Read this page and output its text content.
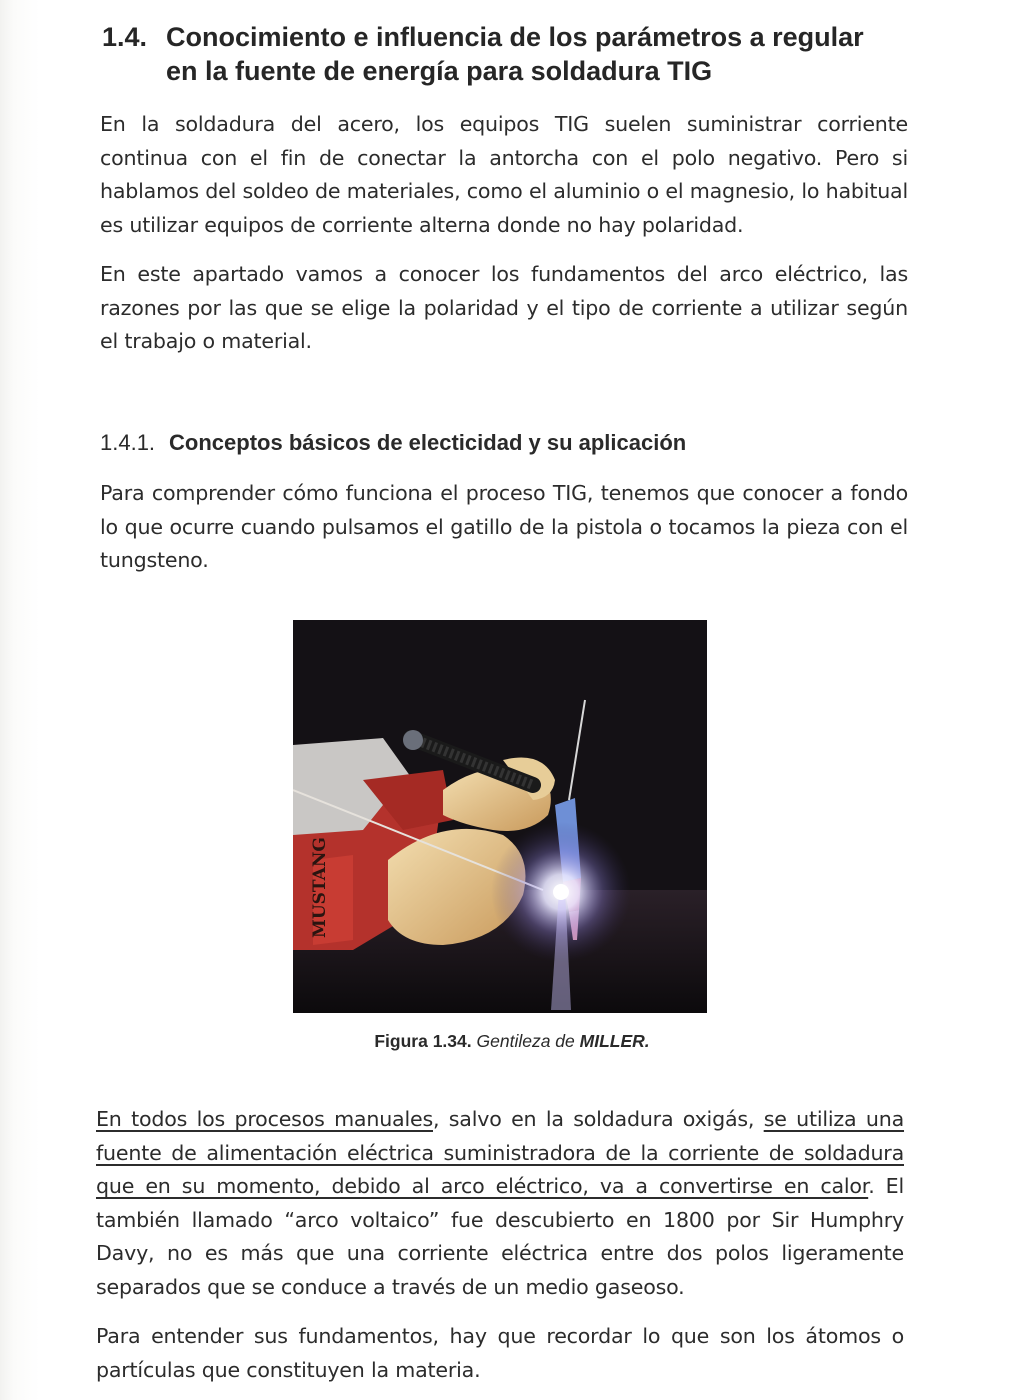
1.4. Conocimiento e influencia de los parámetros a regular en la fuente de energía para soldadura TIG

En la soldadura del acero, los equipos TIG suelen suministrar corriente continua con el fin de conectar la antorcha con el polo negativo. Pero si hablamos del soldeo de materiales, como el aluminio o el magnesio, lo habitual es utilizar equipos de corriente alterna donde no hay polaridad.

En este apartado vamos a conocer los fundamentos del arco eléctrico, las razones por las que se elige la polaridad y el tipo de corriente a utilizar según el trabajo o material.

1.4.1. Conceptos básicos de electicidad y su aplicación

Para comprender cómo funciona el proceso TIG, tenemos que conocer a fondo lo que ocurre cuando pulsamos el gatillo de la pistola o tocamos la pieza con el tungsteno.

MUSTANG
Figura 1.34. Gentileza de MILLER.

En todos los procesos manuales, salvo en la soldadura oxigás, se utiliza una fuente de alimentación eléctrica suministradora de la corriente de soldadura que en su momento, debido al arco eléctrico, va a convertirse en calor. El también llamado “arco voltaico” fue descubierto en 1800 por Sir Humphry Davy, no es más que una corriente eléctrica entre dos polos ligeramente separados que se conduce a través de un medio gaseoso.

Para entender sus fundamentos, hay que recordar lo que son los átomos o partículas que constituyen la materia.
